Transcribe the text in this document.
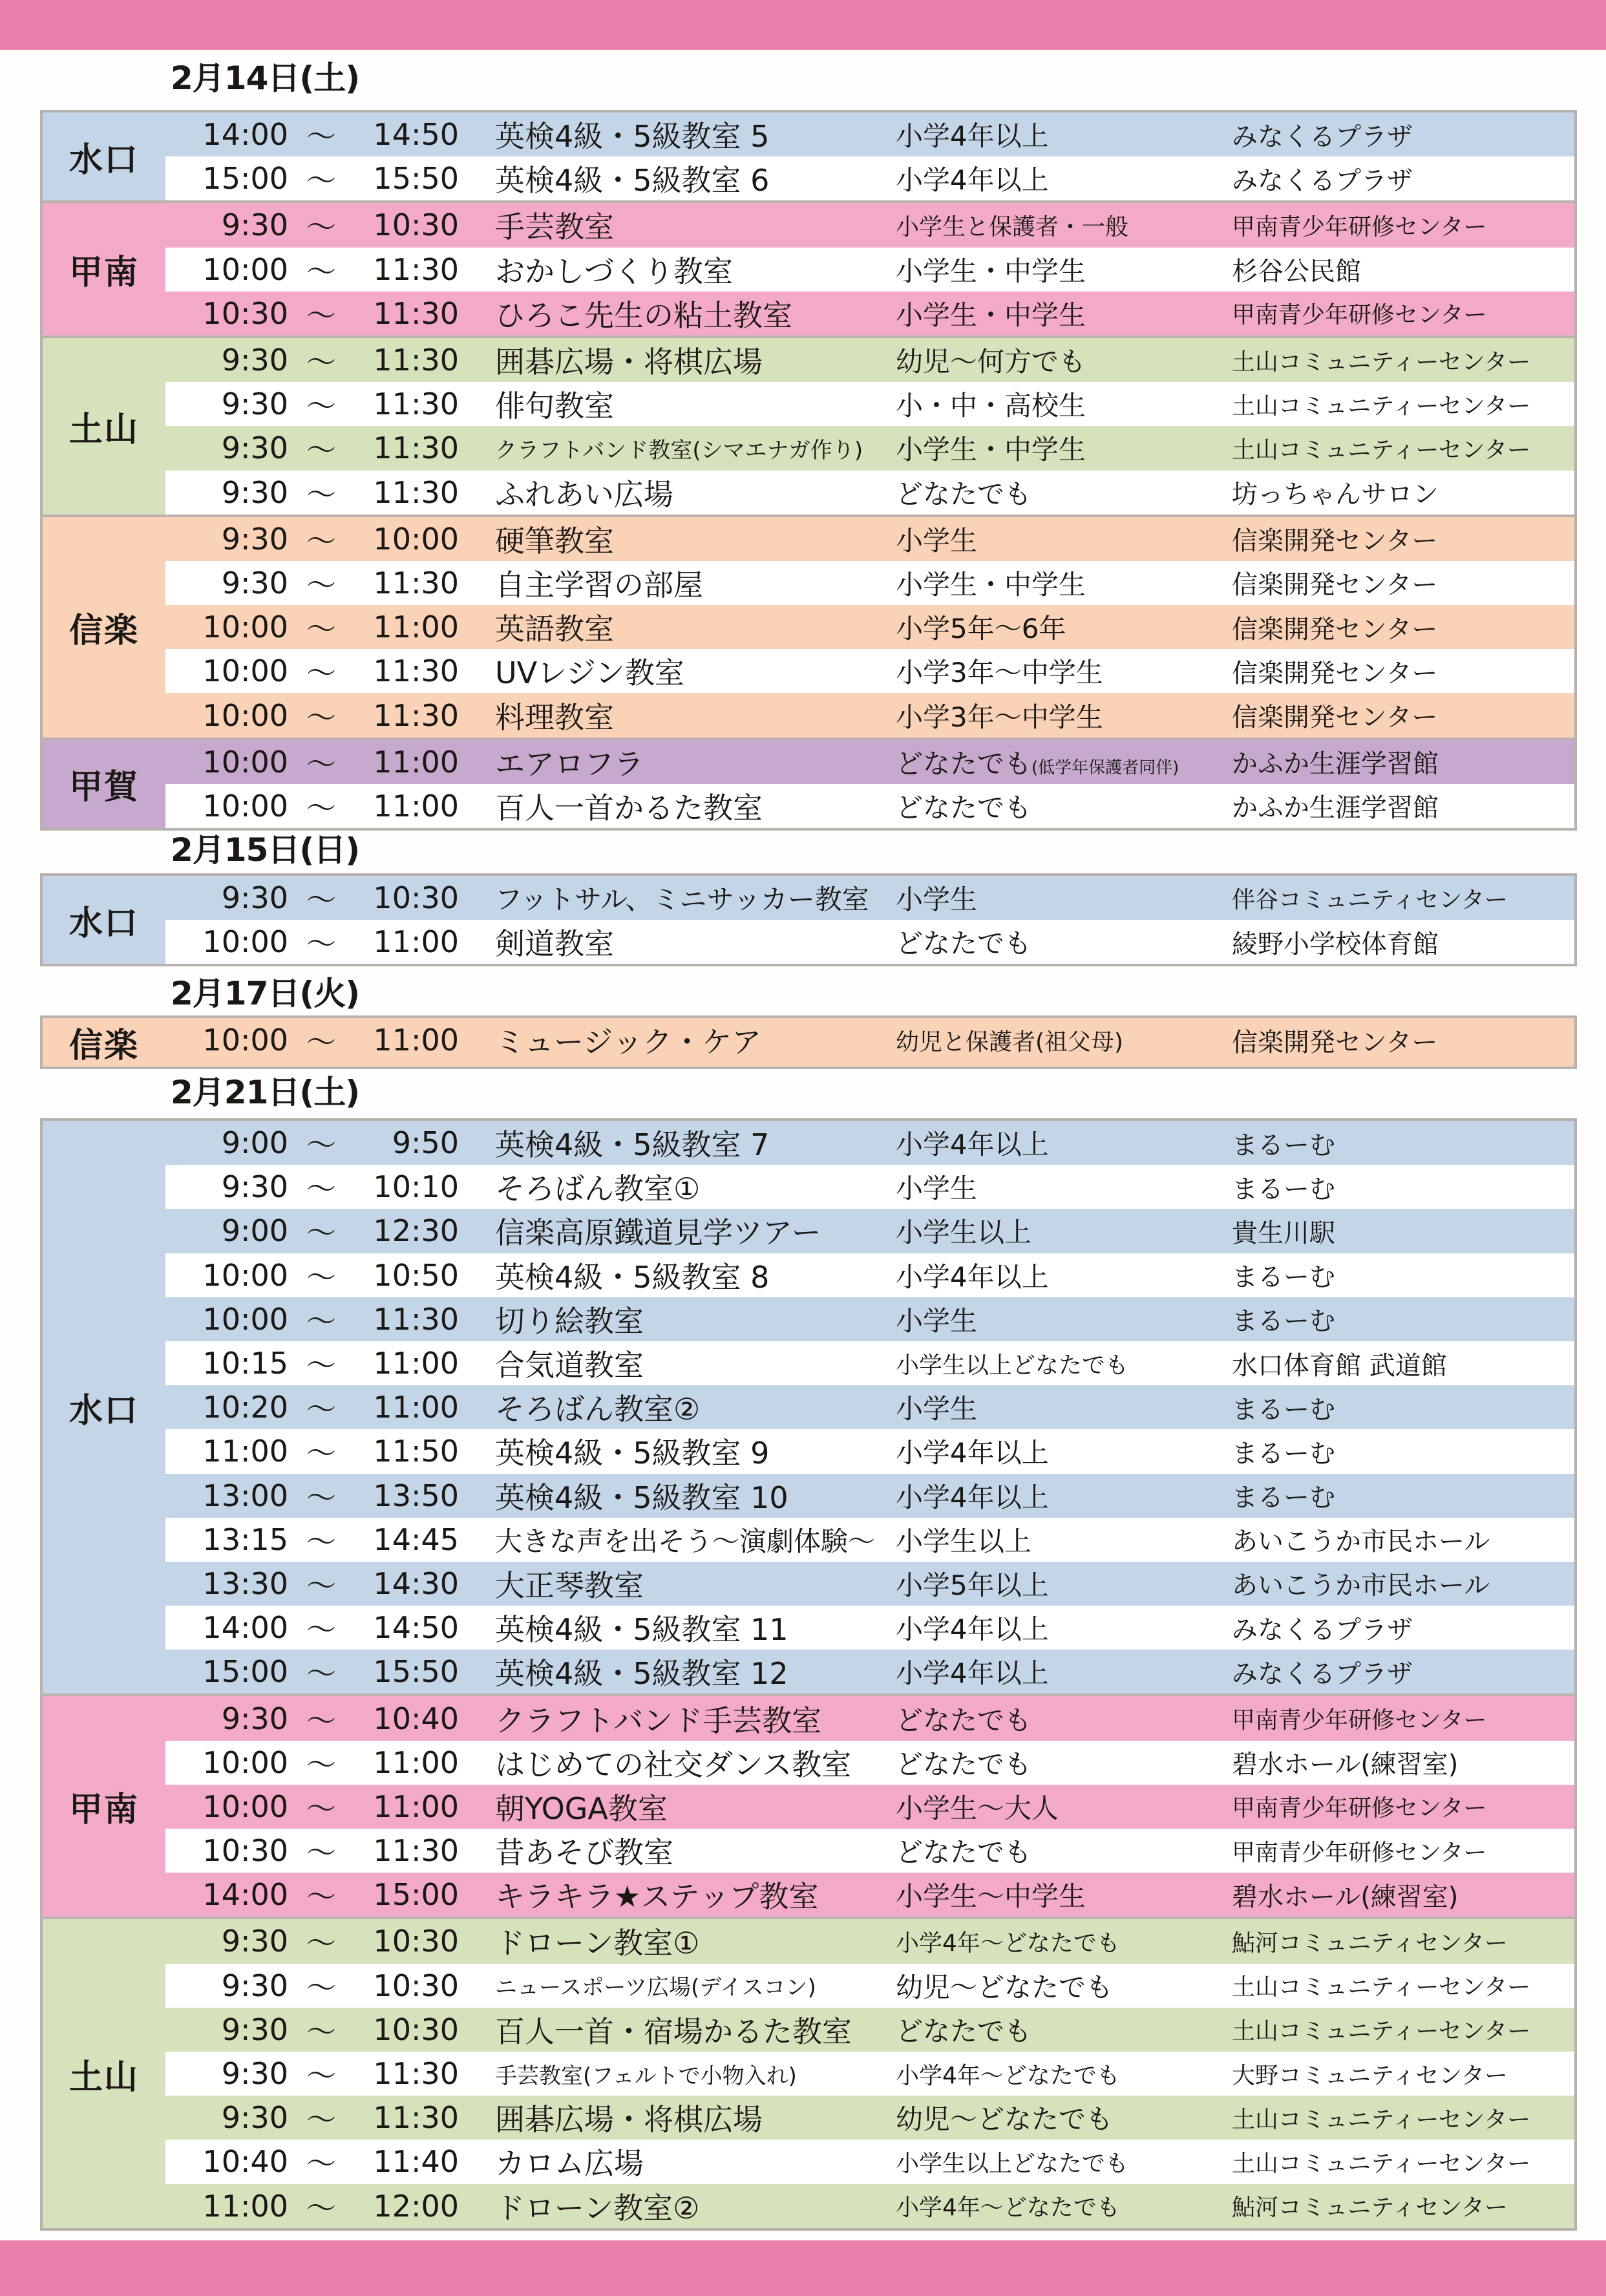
2月14日(土)
水口
14:00 ～	14:50 英検4級・5級教室 5	小学4年以上	みなくるプラザ
15:00 ～	15:50 英検4級・5級教室 6	小学4年以上	みなくるプラザ
甲南
9:30 ～	10:30 手芸教室	小学生と保護者・一般	甲南青少年研修センター
10:00 ～	11:30 おかしづくり教室	小学生・中学生	杉谷公民館
10:30 ～	11:30 ひろこ先生の粘土教室	小学生・中学生	甲南青少年研修センター
土山
9:30 ～	11:30 囲碁広場・将棋広場	幼児～何方でも	土山コミュニティーセンター
9:30 ～	11:30 俳句教室	小・中・高校生	土山コミュニティーセンター
9:30 ～	11:30 クラフトバンド教室(シマエナガ作り) 小学生・中学生	土山コミュニティーセンター
9:30 ～	11:30 ふれあい広場	どなたでも	坊っちゃんサロン
信楽
9:30 ～	10:00 硬筆教室	小学生	信楽開発センター
9:30 ～	11:30 自主学習の部屋	小学生・中学生	信楽開発センター
10:00 ～	11:00 英語教室	小学5年～6年	信楽開発センター
10:00 ～	11:30 UVレジン教室	小学3年～中学生	信楽開発センター
10:00 ～	11:30 料理教室	小学3年～中学生	信楽開発センター
甲賀
10:00 ～	11:00 エアロフラ	どなたでも(低学年保護者同伴) かふか生涯学習館
10:00 ～	11:00 百人一首かるた教室	どなたでも	かふか生涯学習館
2月15日(日)
水口
9:30 ～	10:30 フットサル、ミニサッカー教室 小学生	伴谷コミュニティセンター
10:00 ～	11:00 剣道教室	どなたでも	綾野小学校体育館
2月17日(火)
信楽	10:00 ～	11:00 ミュージック・ケア	幼児と保護者(祖父母)	信楽開発センター
2月21日(土)
水口
9:00 ～	9:50 英検4級・5級教室 7	小学4年以上	まるーむ
9:30 ～	10:10 そろばん教室①	小学生	まるーむ
9:00 ～	12:30 信楽高原鐵道見学ツアー	小学生以上	貴生川駅
10:00 ～	10:50 英検4級・5級教室 8	小学4年以上	まるーむ
10:00 ～	11:30 切り絵教室	小学生	まるーむ
10:15 ～	11:00 合気道教室	小学生以上どなたでも	水口体育館 武道館
10:20 ～	11:00 そろばん教室②	小学生	まるーむ
11:00 ～	11:50 英検4級・5級教室 9	小学4年以上	まるーむ
13:00 ～	13:50 英検4級・5級教室 10	小学4年以上	まるーむ
13:15 ～	14:45 大きな声を出そう～演劇体験～ 小学生以上	あいこうか市民ホール
13:30 ～	14:30 大正琴教室	小学5年以上	あいこうか市民ホール
14:00 ～	14:50 英検4級・5級教室 11	小学4年以上	みなくるプラザ
15:00 ～	15:50 英検4級・5級教室 12	小学4年以上	みなくるプラザ
甲南
9:30 ～	10:40 クラフトバンド手芸教室	どなたでも	甲南青少年研修センター
10:00 ～	11:00 はじめての社交ダンス教室 どなたでも	碧水ホール(練習室)
10:00 ～	11:00 朝YOGA教室	小学生～大人	甲南青少年研修センター
10:30 ～	11:30 昔あそび教室	どなたでも	甲南青少年研修センター
14:00 ～	15:00 キラキラ★ステップ教室	小学生～中学生	碧水ホール(練習室)
土山
9:30 ～	10:30 ドローン教室①	小学4年～どなたでも	鮎河コミュニティセンター
9:30 ～	10:30 ニュースポーツ広場(デイスコン)	幼児～どなたでも	土山コミュニティーセンター
9:30 ～	10:30 百人一首・宿場かるた教室 どなたでも	土山コミュニティーセンター
9:30 ～	11:30 手芸教室(フェルトで小物入れ)	小学4年～どなたでも	大野コミュニティセンター
9:30 ～	11:30 囲碁広場・将棋広場	幼児～どなたでも	土山コミュニティーセンター
10:40 ～	11:40 カロム広場	小学生以上どなたでも	土山コミュニティーセンター
11:00 ～	12:00 ドローン教室②	小学4年～どなたでも	鮎河コミュニティセンター
